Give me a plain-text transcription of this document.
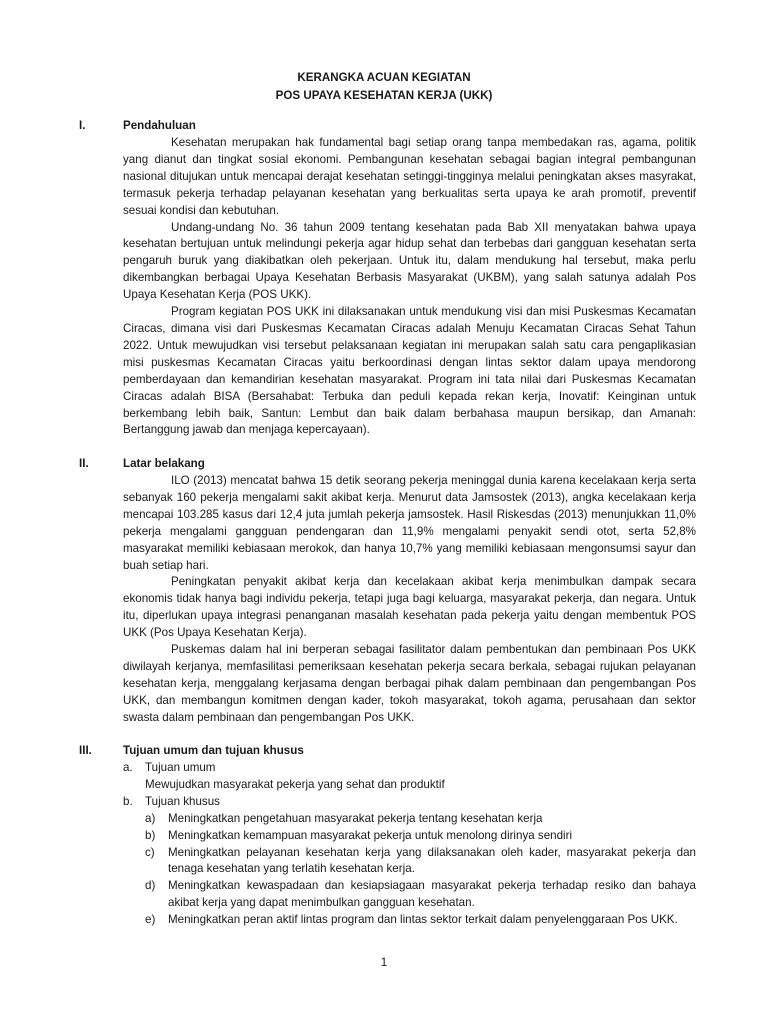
KERANGKA ACUAN KEGIATAN
POS UPAYA KESEHATAN KERJA (UKK)
I.	Pendahuluan

Kesehatan merupakan hak fundamental bagi setiap orang tanpa membedakan ras, agama, politik yang dianut dan tingkat sosial ekonomi. Pembangunan kesehatan sebagai bagian integral pembangunan nasional ditujukan untuk mencapai derajat kesehatan setinggi-tingginya melalui peningkatan akses masyrakat, termasuk pekerja terhadap pelayanan kesehatan yang berkualitas serta upaya ke arah promotif, preventif sesuai kondisi dan kebutuhan.

Undang-undang No. 36 tahun 2009 tentang kesehatan pada Bab XII menyatakan bahwa upaya kesehatan bertujuan untuk melindungi pekerja agar hidup sehat dan terbebas dari gangguan kesehatan serta pengaruh buruk yang diakibatkan oleh pekerjaan. Untuk itu, dalam mendukung hal tersebut, maka perlu dikembangkan berbagai Upaya Kesehatan Berbasis Masyarakat (UKBM), yang salah satunya adalah Pos Upaya Kesehatan Kerja (POS UKK).

Program kegiatan POS UKK ini dilaksanakan untuk mendukung visi dan misi Puskesmas Kecamatan Ciracas, dimana visi dari Puskesmas Kecamatan Ciracas adalah Menuju Kecamatan Ciracas Sehat Tahun 2022. Untuk mewujudkan visi tersebut pelaksanaan kegiatan ini merupakan salah satu cara pengaplikasian misi puskesmas Kecamatan Ciracas yaitu berkoordinasi dengan lintas sektor dalam upaya mendorong pemberdayaan dan kemandirian kesehatan masyarakat. Program ini tata nilai dari Puskesmas Kecamatan Ciracas adalah BISA (Bersahabat: Terbuka dan peduli kepada rekan kerja, Inovatif: Keinginan untuk berkembang lebih baik, Santun: Lembut dan baik dalam berbahasa maupun bersikap, dan Amanah: Bertanggung jawab dan menjaga kepercayaan).

II.	Latar belakang

ILO (2013) mencatat bahwa 15 detik seorang pekerja meninggal dunia karena kecelakaan kerja serta sebanyak 160 pekerja mengalami sakit akibat kerja. Menurut data Jamsostek (2013), angka kecelakaan kerja mencapai 103.285 kasus dari 12,4 juta jumlah pekerja jamsostek. Hasil Riskesdas (2013) menunjukkan 11,0% pekerja mengalami gangguan pendengaran dan 11,9% mengalami penyakit sendi otot, serta 52,8% masyarakat memiliki kebiasaan merokok, dan hanya 10,7% yang memiliki kebiasaan mengonsumsi sayur dan buah setiap hari.

Peningkatan penyakit akibat kerja dan kecelakaan akibat kerja menimbulkan dampak secara ekonomis tidak hanya bagi individu pekerja, tetapi juga bagi keluarga, masyarakat pekerja, dan negara. Untuk itu, diperlukan upaya integrasi penanganan masalah kesehatan pada pekerja yaitu dengan membentuk POS UKK (Pos Upaya Kesehatan Kerja).

Puskemas dalam hal ini berperan sebagai fasilitator dalam pembentukan dan pembinaan Pos UKK diwilayah kerjanya, memfasilitasi pemeriksaan kesehatan pekerja secara berkala, sebagai rujukan pelayanan kesehatan kerja, menggalang kerjasama dengan berbagai pihak dalam pembinaan dan pengembangan Pos UKK, dan membangun komitmen dengan kader, tokoh masyarakat, tokoh agama, perusahaan dan sektor swasta dalam pembinaan dan pengembangan Pos UKK.

III.	Tujuan umum dan tujuan khusus
a. Tujuan umum

Mewujudkan masyarakat pekerja yang sehat dan produktif

b. Tujuan khusus

a) Meningkatkan pengetahuan masyarakat pekerja tentang kesehatan kerja

b) Meningkatkan kemampuan masyarakat pekerja untuk menolong dirinya sendiri

c) Meningkatkan pelayanan kesehatan kerja yang dilaksanakan oleh kader, masyarakat pekerja dan tenaga kesehatan yang terlatih kesehatan kerja.

d) Meningkatkan kewaspadaan dan kesiapsiagaan masyarakat pekerja terhadap resiko dan bahaya akibat kerja yang dapat menimbulkan gangguan kesehatan.

e) Meningkatkan peran aktif lintas program dan lintas sektor terkait dalam penyelenggaraan Pos UKK.

1
